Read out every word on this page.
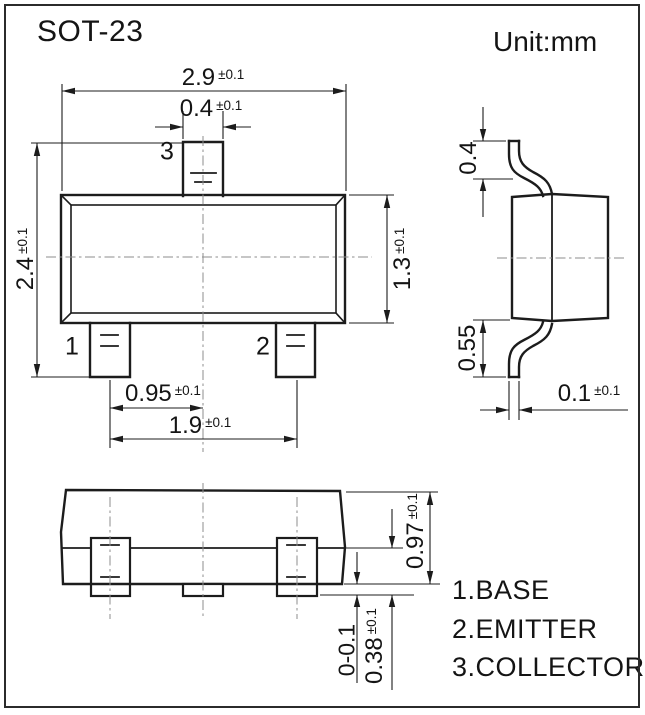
SOT-23	Unit:mm
2.9 $^{\pm 0.1}$
0.4 $^{\pm 0.1}$
$2.4^{\pm 0.1}$
$1.3^{\pm 0.1}$
0.95 $^{\pm 0.1}$
1.9 $^{\pm 0.1}$
3
1	2
0.4
0.55
0.1 $^{\pm 0.1}$
$0.97^{\pm 0.1}$
0-0.1 $0.38^{\pm 0.1}$
1.BASE
2.EMITTER
3.COLLECTOR
